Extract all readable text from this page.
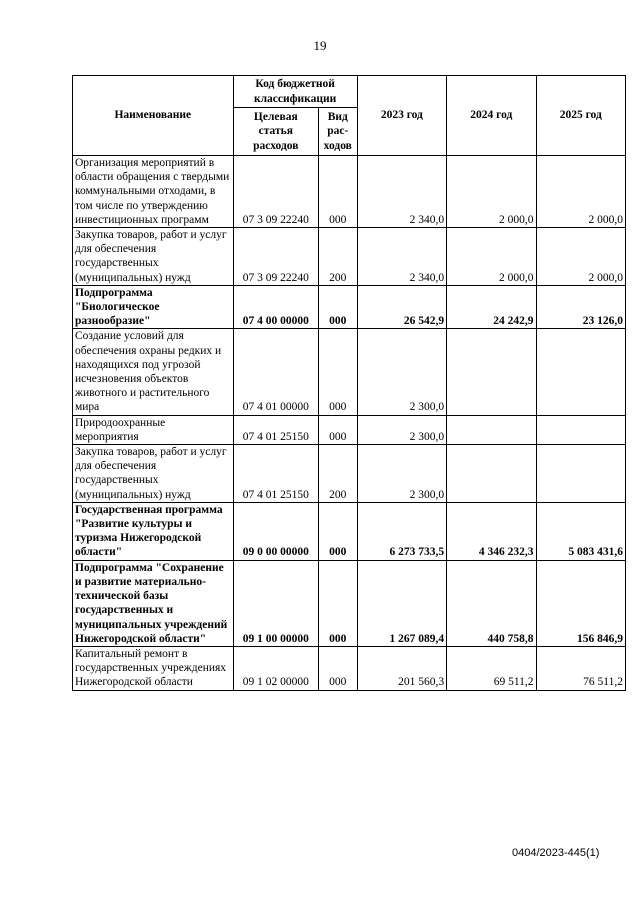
19
Наименование	Код бюджетной классификации		2023 год	2024 год	2025 год
	Целевая статья расходов	Вид рас-ходов			
Организация мероприятий в области обращения с твердыми коммунальными отходами, в том числе по утверждению инвестиционных программ	07 3 09 22240	000	2 340,0	2 000,0	2 000,0
Закупка товаров, работ и услуг для обеспечения государственных (муниципальных) нужд	07 3 09 22240	200	2 340,0	2 000,0	2 000,0
Подпрограмма "Биологическое разнообразие"	07 4 00 00000	000	26 542,9	24 242,9	23 126,0
Создание условий для обеспечения охраны редких и находящихся под угрозой исчезновения объектов животного и растительного мира	07 4 01 00000	000	2 300,0		
Природоохранные мероприятия	07 4 01 25150	000	2 300,0		
Закупка товаров, работ и услуг для обеспечения государственных (муниципальных) нужд	07 4 01 25150	200	2 300,0		
Государственная программа "Развитие культуры и туризма Нижегородской области"	09 0 00 00000	000	6 273 733,5	4 346 232,3	5 083 431,6
Подпрограмма "Сохранение и развитие материально-технической базы государственных и муниципальных учреждений Нижегородской области"	09 1 00 00000	000	1 267 089,4	440 758,8	156 846,9
Капитальный ремонт в государственных учреждениях Нижегородской области	09 1 02 00000	000	201 560,3	69 511,2	76 511,2
0404/2023-445(1)
